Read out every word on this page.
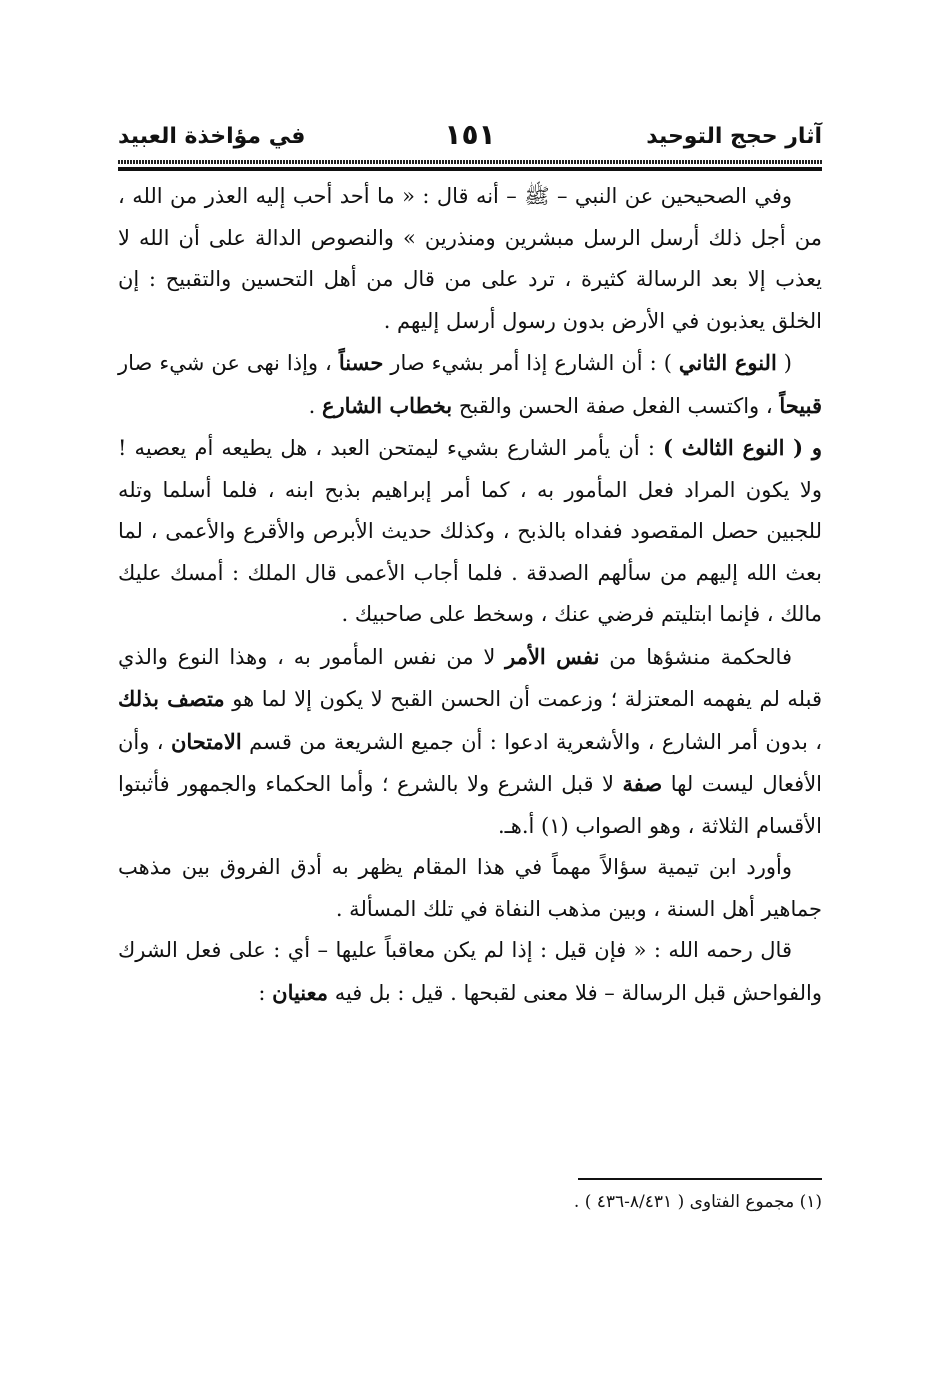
آثار حجج التوحيد
١٥١
في مؤاخذة العبيد

وفي الصحيحين عن النبي – ﷺ – أنه قال : « ما أحد أحب إليه العذر من الله ، من أجل ذلك أرسل الرسل مبشرين ومنذرين » والنصوص الدالة على أن الله لا يعذب إلا بعد الرسالة كثيرة ، ترد على من قال من أهل التحسين والتقبيح : إن الخلق يعذبون في الأرض بدون رسول أرسل إليهم .

( النوع الثاني ) : أن الشارع إذا أمر بشيء صار حسناً ، وإذا نهى عن شيء صار قبيحاً ، واكتسب الفعل صفة الحسن والقبح بخطاب الشارع .

و ( النوع الثالث ) : أن يأمر الشارع بشيء ليمتحن العبد ، هل يطيعه أم يعصيه ! ولا يكون المراد فعل المأمور به ، كما أمر إبراهيم بذبح ابنه ، فلما أسلما وتله للجبين حصل المقصود ففداه بالذبح ، وكذلك حديث الأبرص والأقرع والأعمى ، لما بعث الله إليهم من سألهم الصدقة . فلما أجاب الأعمى قال الملك : أمسك عليك مالك ، فإنما ابتليتم فرضي عنك ، وسخط على صاحبيك .

فالحكمة منشؤها من نفس الأمر لا من نفس المأمور به ، وهذا النوع والذي قبله لم يفهمه المعتزلة ؛ وزعمت أن الحسن القبح لا يكون إلا لما هو متصف بذلك ، بدون أمر الشارع ، والأشعرية ادعوا : أن جميع الشريعة من قسم الامتحان ، وأن الأفعال ليست لها صفة لا قبل الشرع ولا بالشرع ؛ وأما الحكماء والجمهور فأثبتوا الأقسام الثلاثة ، وهو الصواب (١) أ.هـ.

وأورد ابن تيمية سؤالاً مهماً في هذا المقام يظهر به أدق الفروق بين مذهب جماهير أهل السنة ، وبين مذهب النفاة في تلك المسألة .

قال رحمه الله : « فإن قيل : إذا لم يكن معاقباً عليها – أي : على فعل الشرك والفواحش قبل الرسالة – فلا معنى لقبحها . قيل : بل فيه معنيان :

(١) مجموع الفتاوى ( ٨/٤٣١-٤٣٦ ) .
